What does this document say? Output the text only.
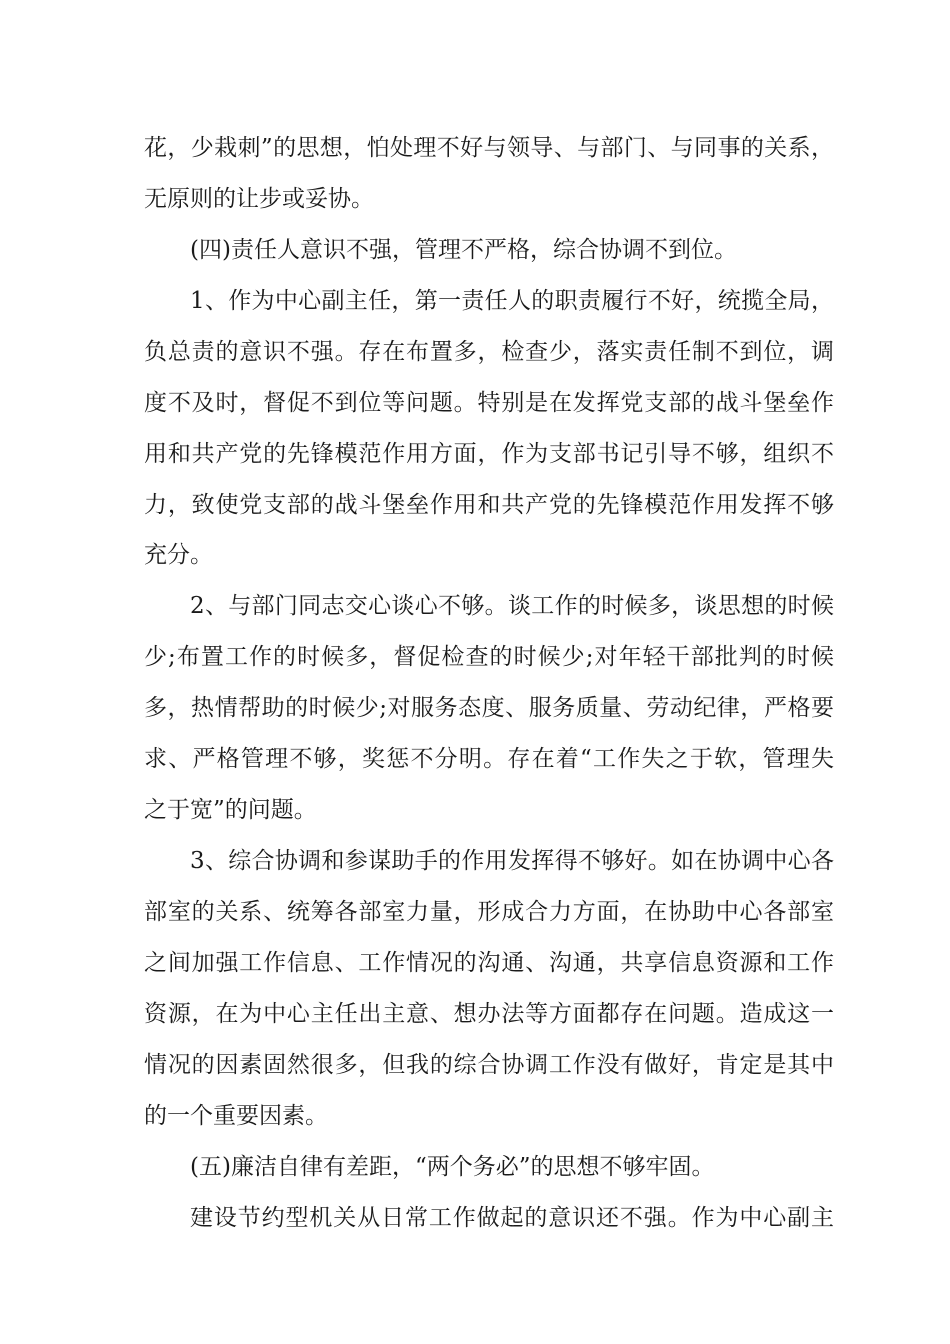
花，少栽刺”的思想，怕处理不好与领导、与部门、与同事的关系，
无原则的让步或妥协。
(四)责任人意识不强，管理不严格，综合协调不到位。
1、作为中心副主任，第一责任人的职责履行不好，统揽全局，
负总责的意识不强。存在布置多，检查少，落实责任制不到位，调
度不及时，督促不到位等问题。特别是在发挥党支部的战斗堡垒作
用和共产党的先锋模范作用方面，作为支部书记引导不够，组织不
力，致使党支部的战斗堡垒作用和共产党的先锋模范作用发挥不够
充分。
2、与部门同志交心谈心不够。谈工作的时候多，谈思想的时候
少;布置工作的时候多，督促检查的时候少;对年轻干部批判的时候
多，热情帮助的时候少;对服务态度、服务质量、劳动纪律，严格要
求、严格管理不够，奖惩不分明。存在着“工作失之于软，管理失
之于宽”的问题。
3、综合协调和参谋助手的作用发挥得不够好。如在协调中心各
部室的关系、统筹各部室力量，形成合力方面，在协助中心各部室
之间加强工作信息、工作情况的沟通、沟通，共享信息资源和工作
资源，在为中心主任出主意、想办法等方面都存在问题。造成这一
情况的因素固然很多，但我的综合协调工作没有做好，肯定是其中
的一个重要因素。
(五)廉洁自律有差距，“两个务必”的思想不够牢固。
建设节约型机关从日常工作做起的意识还不强。作为中心副主
